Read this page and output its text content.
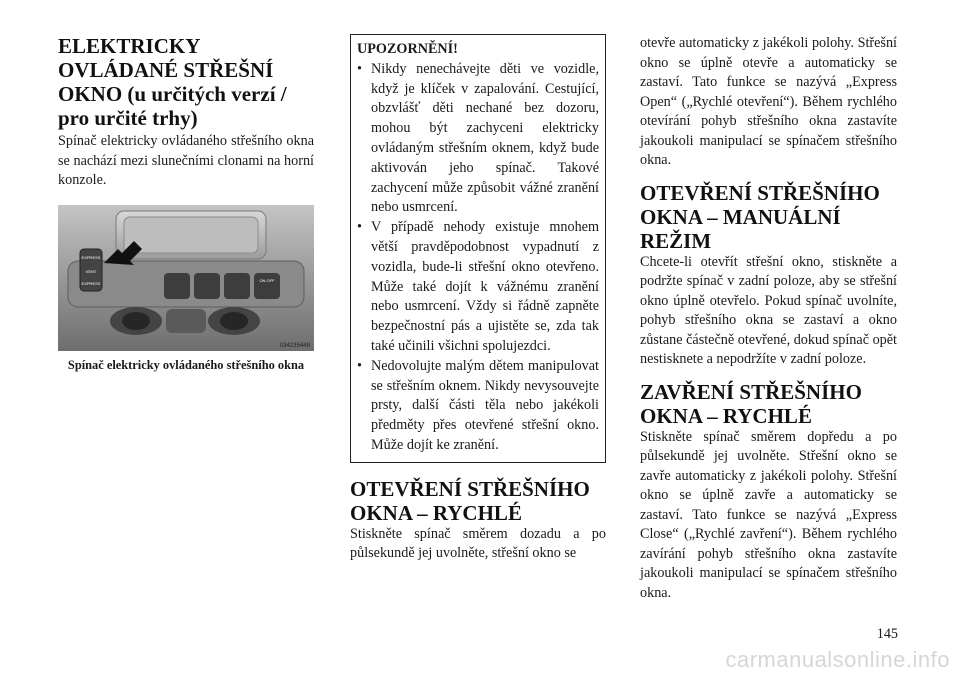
ELEKTRICKY
OVLÁDANÉ STŘEŠNÍ
OKNO (u určitých verzí /
pro určité trhy)

Spínač elektricky ovládaného střešního okna se nachází mezi slunečními clonami na horní konzole.

EXPRESS
VENT
EXPRESS
ON OFF
034235448
Spínač elektricky ovládaného střešního okna
UPOZORNĚNÍ!
• Nikdy nenechávejte děti ve vozidle, když je klíček v zapalování. Cestující, obzvlášť děti nechané bez dozoru, mohou být zachyceni elektricky ovládaným střešním oknem, když bude aktivován jeho spínač. Takové zachycení může způsobit vážné zranění nebo usmrcení.
• V případě nehody existuje mnohem větší pravděpodobnost vypadnutí z vozidla, bude-li střešní okno otevřeno. Může také dojít k vážnému zranění nebo usmrcení. Vždy si řádně zapněte bezpečnostní pás a ujistěte se, zda tak také učinili všichni spolujezdci.
• Nedovolujte malým dětem manipulovat se střešním oknem. Nikdy nevysouvejte prsty, další části těla nebo jakékoli předměty přes otevřené střešní okno. Může dojít ke zranění.
OTEVŘENÍ STŘEŠNÍHO
OKNA – RYCHLÉ

Stiskněte spínač směrem dozadu a po půlsekundě jej uvolněte, střešní okno se

otevře automaticky z jakékoli polohy. Střešní okno se úplně otevře a automaticky se zastaví. Tato funkce se nazývá „Express Open“ („Rychlé otevření“). Během rychlého otevírání pohyb střešního okna zastavíte jakoukoli manipulací se spínačem střešního okna.

OTEVŘENÍ STŘEŠNÍHO
OKNA – MANUÁLNÍ
REŽIM

Chcete-li otevřít střešní okno, stiskněte a podržte spínač v zadní poloze, aby se střešní okno úplně otevřelo. Pokud spínač uvolníte, pohyb střešního okna se zastaví a okno zůstane částečně otevřené, dokud spínač opět nestisknete a nepodržíte v zadní poloze.

ZAVŘENÍ STŘEŠNÍHO
OKNA – RYCHLÉ

Stiskněte spínač směrem dopředu a po půlsekundě jej uvolněte. Střešní okno se zavře automaticky z jakékoli polohy. Střešní okno se úplně zavře a automaticky se zastaví. Tato funkce se nazývá „Express Close“ („Rychlé zavření“). Během rychlého zavírání pohyb střešního okna zastavíte jakoukoli manipulací se spínačem střešního okna.

145
carmanualsonline.info
